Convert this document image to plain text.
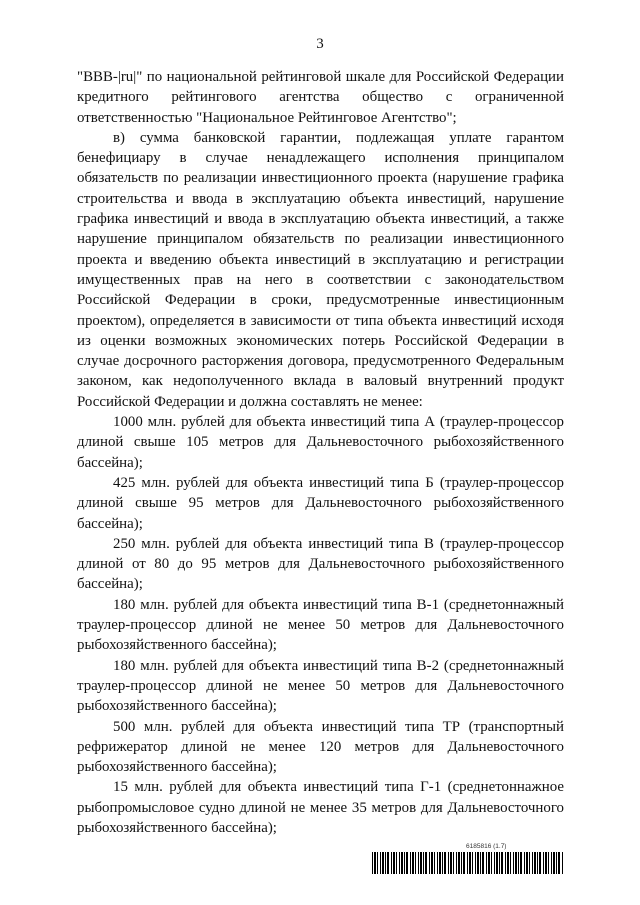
3

"BBB-|ru|" по национальной рейтинговой шкале для Российской Федерации кредитного рейтингового агентства общество с ограниченной ответственностью "Национальное Рейтинговое Агентство";

в) сумма банковской гарантии, подлежащая уплате гарантом бенефициару в случае ненадлежащего исполнения принципалом обязательств по реализации инвестиционного проекта (нарушение графика строительства и ввода в эксплуатацию объекта инвестиций, нарушение графика инвестиций и ввода в эксплуатацию объекта инвестиций, а также нарушение принципалом обязательств по реализации инвестиционного проекта и введению объекта инвестиций в эксплуатацию и регистрации имущественных прав на него в соответствии с законодательством Российской Федерации в сроки, предусмотренные инвестиционным проектом), определяется в зависимости от типа объекта инвестиций исходя из оценки возможных экономических потерь Российской Федерации в случае досрочного расторжения договора, предусмотренного Федеральным законом, как недополученного вклада в валовый внутренний продукт Российской Федерации и должна составлять не менее:

1000 млн. рублей для объекта инвестиций типа А (траулер-процессор длиной свыше 105 метров для Дальневосточного рыбохозяйственного бассейна);

425 млн. рублей для объекта инвестиций типа Б (траулер-процессор длиной свыше 95 метров для Дальневосточного рыбохозяйственного бассейна);

250 млн. рублей для объекта инвестиций типа В (траулер-процессор длиной от 80 до 95 метров для Дальневосточного рыбохозяйственного бассейна);

180 млн. рублей для объекта инвестиций типа В-1 (среднетоннажный траулер-процессор длиной не менее 50 метров для Дальневосточного рыбохозяйственного бассейна);

180 млн. рублей для объекта инвестиций типа В-2 (среднетоннажный траулер-процессор длиной не менее 50 метров для Дальневосточного рыбохозяйственного бассейна);

500 млн. рублей для объекта инвестиций типа ТР (транспортный рефрижератор длиной не менее 120 метров для Дальневосточного рыбохозяйственного бассейна);

15 млн. рублей для объекта инвестиций типа Г-1 (среднетоннажное рыбопромысловое судно длиной не менее 35 метров для Дальневосточного рыбохозяйственного бассейна);

6185816 (1.7)
